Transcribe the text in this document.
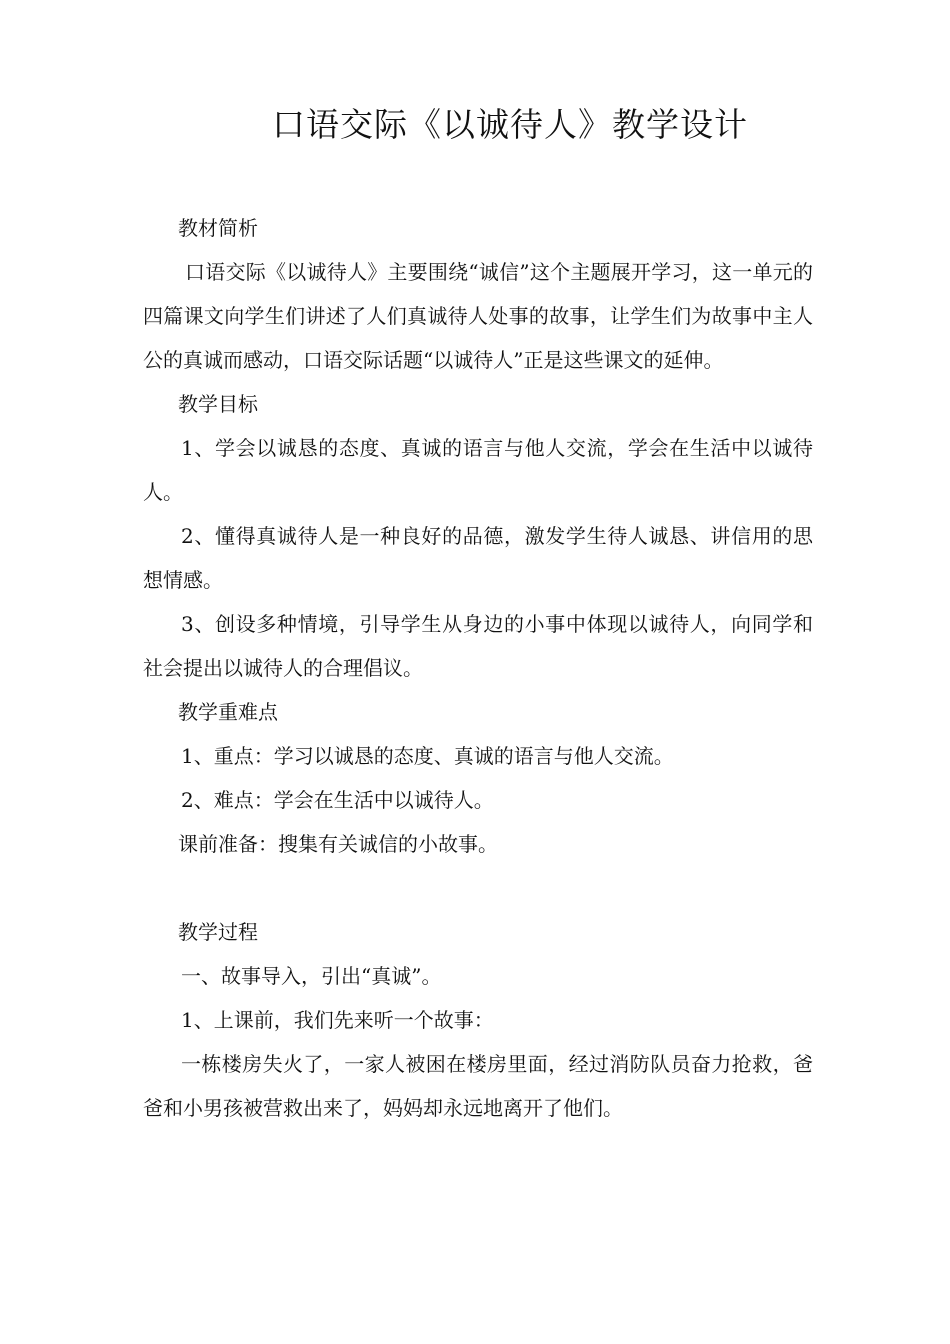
口语交际《以诚待人》教学设计

教材简析

口语交际《以诚待人》主要围绕“诚信”这个主题展开学习，这一单元的四篇课文向学生们讲述了人们真诚待人处事的故事，让学生们为故事中主人公的真诚而感动，口语交际话题“以诚待人”正是这些课文的延伸。

教学目标

1、学会以诚恳的态度、真诚的语言与他人交流，学会在生活中以诚待人。

2、懂得真诚待人是一种良好的品德，激发学生待人诚恳、讲信用的思想情感。

3、创设多种情境，引导学生从身边的小事中体现以诚待人，向同学和社会提出以诚待人的合理倡议。

教学重难点

1、重点：学习以诚恳的态度、真诚的语言与他人交流。

2、难点：学会在生活中以诚待人。

课前准备：搜集有关诚信的小故事。

教学过程

一、故事导入，引出“真诚”。

1、上课前，我们先来听一个故事：

一栋楼房失火了，一家人被困在楼房里面，经过消防队员奋力抢救，爸爸和小男孩被营救出来了，妈妈却永远地离开了他们。
